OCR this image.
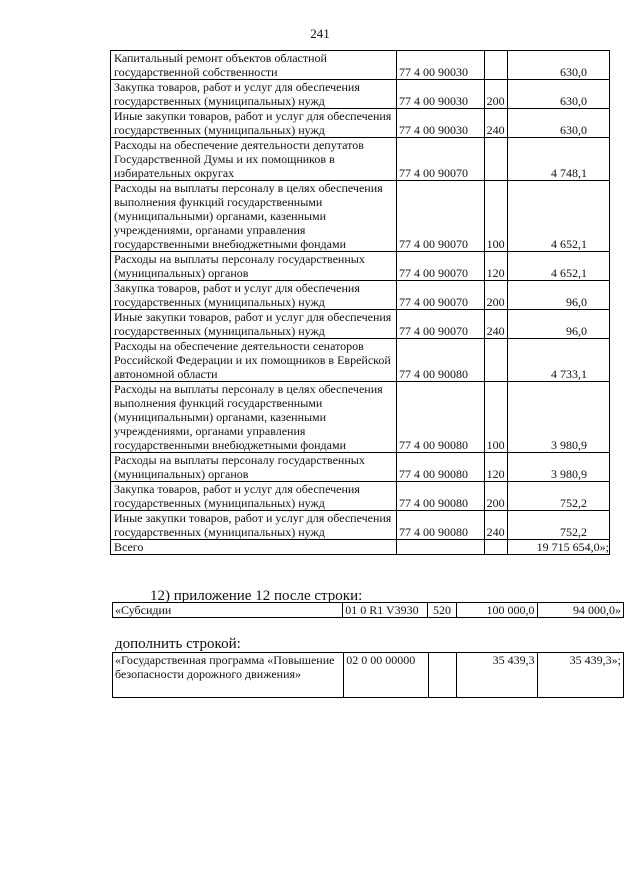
241
Капитальный ремонт объектов областной государственной собственности	77 4 00 90030		630,0
Закупка товаров, работ и услуг для обеспечения государственных (муниципальных) нужд	77 4 00 90030	200	630,0
Иные закупки товаров, работ и услуг для обеспечения государственных (муниципальных) нужд	77 4 00 90030	240	630,0
Расходы на обеспечение деятельности депутатов Государственной Думы и их помощников в избирательных округах	77 4 00 90070		4 748,1
Расходы на выплаты персоналу в целях обеспечения выполнения функций государственными (муниципальными) органами, казенными учреждениями, органами управления государственными внебюджетными фондами	77 4 00 90070	100	4 652,1
Расходы на выплаты персоналу государственных (муниципальных) органов	77 4 00 90070	120	4 652,1
Закупка товаров, работ и услуг для обеспечения государственных (муниципальных) нужд	77 4 00 90070	200	96,0
Иные закупки товаров, работ и услуг для обеспечения государственных (муниципальных) нужд	77 4 00 90070	240	96,0
Расходы на обеспечение деятельности сенаторов Российской Федерации и их помощников в Еврейской автономной области	77 4 00 90080		4 733,1
Расходы на выплаты персоналу в целях обеспечения выполнения функций государственными (муниципальными) органами, казенными учреждениями, органами управления государственными внебюджетными фондами	77 4 00 90080	100	3 980,9
Расходы на выплаты персоналу государственных (муниципальных) органов	77 4 00 90080	120	3 980,9
Закупка товаров, работ и услуг для обеспечения государственных (муниципальных) нужд	77 4 00 90080	200	752,2
Иные закупки товаров, работ и услуг для обеспечения государственных (муниципальных) нужд	77 4 00 90080	240	752,2
Всего			19 715 654,0»;
12) приложение 12 после строки:
«Субсидии	01 0 R1 V3930	520	100 000,0	94 000,0»
дополнить строкой:
«Государственная программа «Повышение безопасности дорожного движения»	02 0 00 00000		35 439,3	35 439,3»;
